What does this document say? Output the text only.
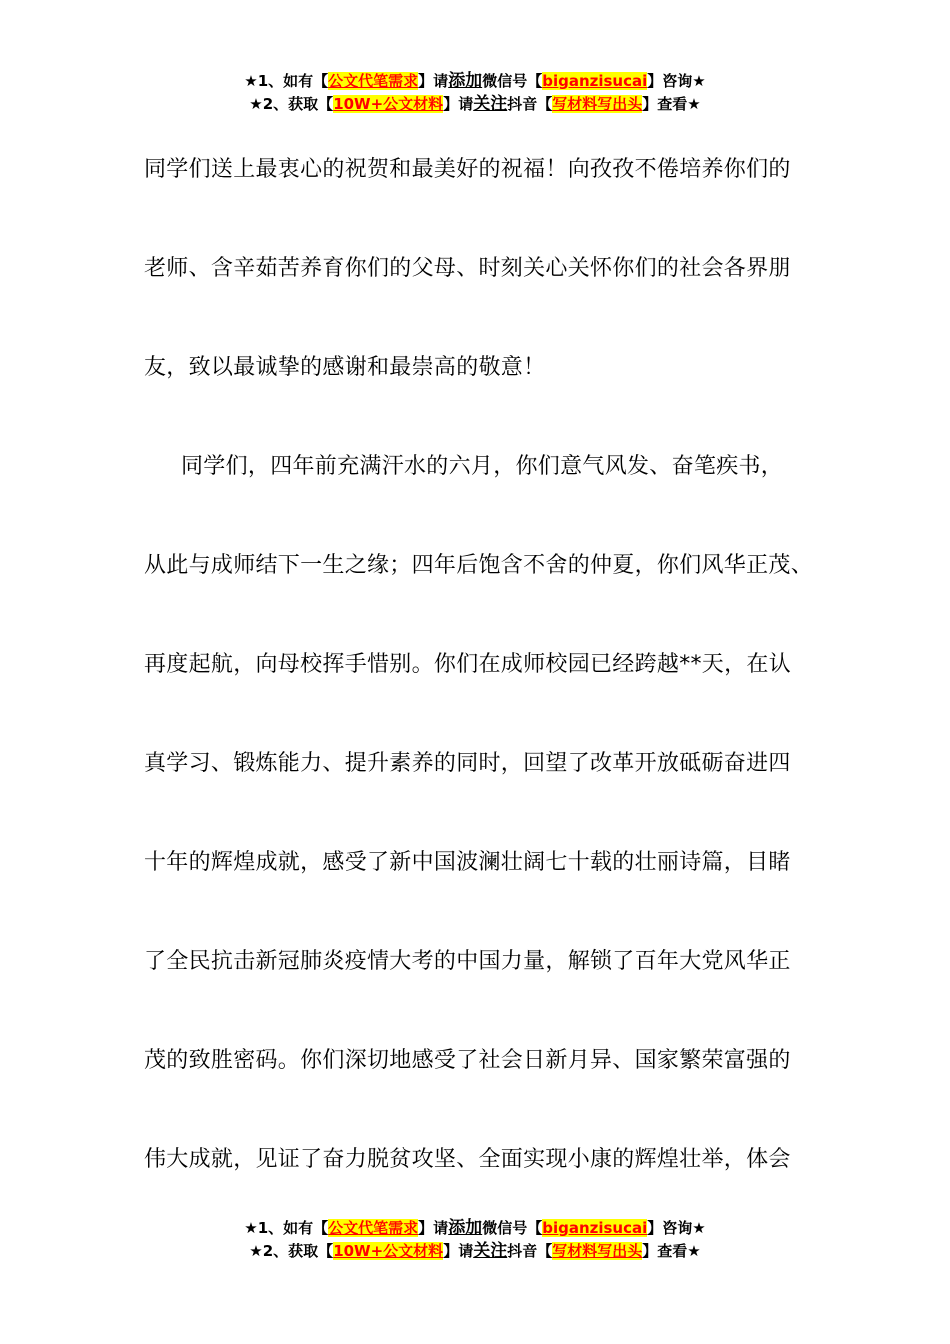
★1、如有【公文代笔需求】请添加微信号【biganzisucai】咨询★
★2、获取【10W+公文材料】请关注抖音【写材料写出头】查看★
同学们送上最衷心的祝贺和最美好的祝福！向孜孜不倦培养你们的
老师、含辛茹苦养育你们的父母、时刻关心关怀你们的社会各界朋
友，致以最诚挚的感谢和最崇高的敬意！
同学们，四年前充满汗水的六月，你们意气风发、奋笔疾书，
从此与成师结下一生之缘；四年后饱含不舍的仲夏，你们风华正茂、
再度起航，向母校挥手惜别。你们在成师校园已经跨越**天，在认
真学习、锻炼能力、提升素养的同时，回望了改革开放砥砺奋进四
十年的辉煌成就，感受了新中国波澜壮阔七十载的壮丽诗篇，目睹
了全民抗击新冠肺炎疫情大考的中国力量，解锁了百年大党风华正
茂的致胜密码。你们深切地感受了社会日新月异、国家繁荣富强的
伟大成就，见证了奋力脱贫攻坚、全面实现小康的辉煌壮举，体会
★1、如有【公文代笔需求】请添加微信号【biganzisucai】咨询★
★2、获取【10W+公文材料】请关注抖音【写材料写出头】查看★
